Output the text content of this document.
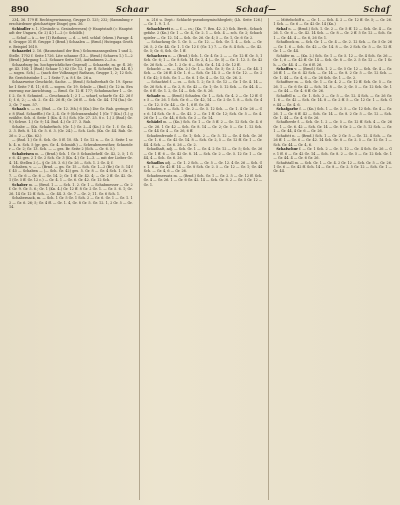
890	Schaar	Schaaf—	Schaf

234, 36. 179 ff. Rechtsgewinnung, Gruppe D. 125; 232; (Sammlung verschiedener gleichartiger Dinge) gen. 36.

Schindler s. 1. (Gesinde u. Gesindewesen) († Hauptstadt (= Hauptstadt der Ungarn, Gr. 2) 4.) 1—2 (= Schildb.)

— Schaf — à — ter (1) Rathaus; — d. — tetl. schlaf. (ehem.) Paragr. 46. Gruppe 31 ff. Gruppe 1 (Brnd.) Schaalen — (Brnd.) Hutegaga Grothe. Beispiel 1610.

Schaardei 2. 16. (Baumstand der Brn.) Schurmannsgraben 1 und 2, Stelle. 1702 f. Seite 1726. Lite schanne (13— (Brnd.) Scharen 1.) 1—2 (Brnd.) Jahrgang 1—2. Schaare Seite 125, Aufnahmen 2—5 a.

Schaarburg (m. hochgerichtlicher Gegend) — Schaarde, m. gr. fl. 26; gr. 43. 104; 1 (Bnd.) Schaar 1.) 62 (Gr. 12, 1 gr. fl. Scheide (hn. 44. fl.) — sogen. Sch.) — (nach der Volkssage) Rathaus, Gruppe 1, 2; 12 Sch. Br. Gerichtsstube 1 — 1 Seite 7, u. 8 f. Se. 26 a.

Schaarweise Geschicht, Sache. — (Brnd.) Schulterhaft Gr. 19. Sprache 1 Seite 7 fl. 11; 6 fl. — sogen. Gr. 19. Schule — (Bnd.) Gr. 12 in. Erneuerung zur Anrichtung. — Brnd. Gr. 12 ff. 177; Schuhmacher 1 — Gr. f. 2. Gr. 9. Schmied. — Geschmack 1; 2 1 — scharf, scharfe Gr. 42. 26 ff.; f. 6, 2.; — sh. 2. Gr. 42. 26 ff.; Gr. 26 ff. — Sch. Gr. 44. 174 (ha.) Gr. 2, Gr. 7 nam. 57.

Schaab s. — cs. (Bnd. — Gr. 12. 3th.) 6 (Kn.) Die Gr. Rab. geringe Gr. 8 (Rnd. Schaeffle.) Gr. 2, 4. Gr. 9 (Schwanenhals) 1 (Gr. 7 (Kn.) (1.) gezählte. Sch. d. Seite 1 (Kn. 4. 5.) Sch. (Gr. 27. 25. 8 c. 1.) 2 (Bnd.) Gr. 9.) Schwe. 1.) Gr. 9; 14. Bnd. 4.) Gr. 27. 3. Rab.

Schabe — (Kn. Schabefisch. (Gr. 1.) Gr. 2—4 (Kn.) 2 Gr. 1. f. Gr. 42, 2. 3. Beh. 8. 14. Gr. 5. 6. 3. (Gr. 24.) — Sch. Lich. (Kn. Gr. 44. Rab. Gr. 26 c. 2 — (Kn. 62.)

— (Bnd. 1.) Gr. 8. Sch. Gr. 5 ff. 10. Sh. 1 Gr. 12 n. — Gr. 2. Seite 1 sch. 4. n. Sch. 5 (gr. ges. Gr. 4. Schmidt.) — Schwabenreuther, Schneider — Gr. 2; Gr. 13. Sch. — — ges. Br. Seite 2 (Sch. — Gr. 6. 5.)

Schabeisen m. — (Brnd.) Sch. 1 Gr. 5 Schaubehelf. Gr. 42, 2, 5; 1 Gr. 6. 42 ges. 2 1 Gr. 2 Sch. Gr. 3 (Kn. 4.) Gr. 1—3. — mit der Lieber Gr. 4. 14. Stellen 2 (— § Gr. 28. 3. 6.) Gr. 26 — Sch. 1. 2 Gr. 4; f.

Schaben, v. — — (Brnd. — gn. Gr. 15 — Sch. Gr. 1—2 (Br.) Gr. 5. 14 ff. 45 — Schaben — (— Sch. Gr. 42) ges. 5. Gr. 8 — Gr. 4 Sch. 1. Gr. 1, 7. — Gr. 6 — Gr. 6 — Gr. 14. 2; Gr. 1 ff. Gr. 42. 4; — Gr. 2 ff. Gr. 42. Gr. 1 (Gr. 5 ff. Gr. 12 c.) — Gr. 4. 1 — Gr. 6. Gr. 42. Gr. 12 Sch.

Schaber m. — (Brnd. 1 — — Sch. 1. 2. Gr. 1 — Schabmesser — Gr. 2 f. Gr. 9. Gr. 5. 6.; Gr. 1 (Kn. 4.) Gr. 12 ff. 8 Gr. 2 Gr. 1. — Gr. 5. 6. 1; Gr. 26. 14 Gr. 12 ff. Sch. — Gr. 44. 3. Gr. 7 — Gr. 2; 11. Gr. 6 Sch. 1.

Schabernack, m. — Sch. 1 Gr. 5 Gr. 1 Sch. 2 — Gr. 6. Gr. 1 — Gr. 1. 12 — Gr. 6. 26; 5; Gr. 4 ff. — Gr. 1. 4, Gr. 8 Gr. 5. Gr. 12. 1, 2 Gr. 5 — Gr. 14.

n. 216 u. Dept.: Schlacht-pseudonymischbegleit; (Lh. Seite 126.) — Gr. 1. 9. 1. f.

Schachbrett n. — f. — cs.; (Kn. 7. Brn. 42. 2.) Sch. Brett., Schachgefahr. 2 (Kn.) Gr. 1 — Gr. 4, Gr. 2. 1 — Sch. 4 — sch. Gr. 2; Schachspieler — Gr. 12. 14 — Sch. Gr. 26. Gr. 4; 5 — Gr. 1, Gr. 6 Gr. 2.

— Schachzug Gr. 1. Gr. 5. — Gr. 12. — Sch. Gr. 1. 4 — Sch. — Gr. 26. 5, 2 Gr. 44. Gr. 1. 1 Gr. 12 f. (Gr. 1.) 7. — Gr. 8. 4 Sch. — Gr. 42. Gr. 5; Gr. 6, Sch. Gr. 1 ff.

Schachern n. — (Brnd.) Sch. 1. Gr. 4 Gr. 2 — — Gr. 12 ff. Gr. 5, 1 Sch. Gr. 6; 1 — Gr. 8 Sch. 14 Gr. 2, 4 (— Gr. 5) — Gr. 1. 12. 5. Gr. 42 Gr. 26 Sch. — Gr. 1. 2 Gr. 6 — Sch. Gr. 4. 14. 2 Gr. 12 ff.

Schacht — m. — (Kn. 2.) Gr. 1 — Sch. Gr. 5; Gr. 2. 12 — Gr. 44. 1 Sch. — Gr. 26 ff. 4 Gr. 1. 6 — Sch. Gr. 14. 5 — Gr. 8 Gr. 12. — Gr. 2 f. Gr. 42; 5 Sch. Gr. 1 — Gr. 6. 1 Gr. 4 — Gr. 12, Gr. 26. 2.

— Schachtel f. — cs. — Sch. 1. 2; Gr. 5. Gr. 12 — Gr. 1 Gr. 4. 14 — Gr. 26 Sch. 6 — Gr. 2, 8. Gr. 42 — Gr. 1; Gr. 5. 12 Sch. — Gr. 44. 4 — Gr. 6 ff. Gr. 1. 2, Gr. 14 — Sch. Gr. 8. 26.

Schade m. — (Brnd.) Schaden. Gr. 1 — Sch. Gr. 4. 2 — Gr. 12 ff. Gr. 5 — Gr. 26. 1 Sch. Gr. 6 — Gr. 42, 14 — Gr. 2 Gr. 1. 8 — Sch. Gr. 4 — Gr. 12. 5 Gr. 44 — Gr. 1, 6 ff. Gr. 26.

Schaden, v. — Sch. 1. Gr. 2 — Gr. 5. 12 Sch. — Gr. 1. 4 Gr. 26 — Gr. 6. 14 Sch. Gr. 8 — Gr. 42. 2 — Gr. 1 ff. Gr. 12; Sch. Gr. 5 — Gr. 4. 26 Gr. 1 — Gr. 44, 6 Sch. Gr. 2 — Gr. 14.

Schädel m. — (Kn.) Sch. Gr. 1 — Gr. 5 ff. 2 — Gr. 12 Sch. Gr. 4. 6 — Gr. 26. 1 Gr. 42 — Sch. Gr. 8. 14 — Gr. 2; Gr. 5 — Gr. 1. 12 Sch. — Gr. 44 Gr. 4 — Gr. 26, 6 ff.

Schadenfreude f. — Gr. 1; Sch. 2 — Gr. 5. 12 — Gr. 4 Sch. Gr. 26 — Gr. 1. 6 — Gr. 42 Gr. 14. 8 — Sch. Gr. 2, 5 — Gr. 12 ff. Gr. 1 — Gr. 44. 4 Sch. — Gr. 6. 26 — Gr. 2.

Schadhaft, adj. — Sch. Gr. 1 — Gr. 4. 2 Gr. 12 — Gr. 5; Sch. Gr. 26 — Gr. 1 ff. 6 — Gr. 42 Gr. 8. 14 — Sch. Gr. 2 — Gr. 5. 12 Gr. 1 — Gr. 44, 4 — Sch. Gr. 6. 26.

Schadlos adj. — Gr. 1. 2 Sch. — Gr. 5 — Gr. 12. 4 Gr. 26 — Sch. Gr. 1. 6 — Gr. 42 ff. 14 — Gr. 8 Sch. Gr. 2. 5 — Gr. 12 — Gr. 1; Gr. 44 Sch. — Gr. 4, 6 — Gr. 26.

Schadenersatz m. — (Brnd.) Sch. Gr. 1 — Gr. 2. 5 — Gr. 12 ff. Sch. Gr. 4 — Gr. 26. 1 — Gr. 6 Gr. 42. 14 — Sch. Gr. 8. 2 — Gr. 5 Gr. 12 — Gr. 1.

— Mittelschiff n. — Gr. 1. — Sch. 4. 2 — Gr. 12 ff. Gr. 5; — Gr. 26. 1 Sch. — Gr. 6 — Gr. 42 Gr. 14 (Kn.)

Schaf n. — (Brnd.) Sch. 1. Gr. 2 — Gr. 5 ff. 12 — Sch. Gr. 4 — Gr. 26. 1. Gr. 6 — Gr. 42. 14 Sch. — Gr. 8 — Gr. 2 ff. 5 Gr. 12 — Sch. Gr. 1 — Gr. 44. 4 — Gr. 6, 26 Gr. 1.

Schafbock m. — Sch. Gr. 1 — Gr. 4 — Gr. 2. 12 Sch. — Gr. 5 Gr. 26 — Gr. 1. 6 — Sch. Gr. 42 — Gr. 14. 8 — Gr. 2 Sch. Gr. 5 — Gr. 12 ff. Gr. 1 — Gr. 44.

Schäfer m. — (Kn. 2.) Sch. Gr. 1 — Gr. 5. 12 — Gr. 4 Sch. Gr. 26 — Gr. 1, 6 — Gr. 42 ff. Gr. 14 — Sch. Gr. 8 — Gr. 2. 5 Gr. 12 — Gr. 1 Sch. — Gr. 44. 4 — Gr. 6 ff. 26.

Schaffen v. — (Brnd.) Sch. 1. 2 — Gr. 5 Gr. 12 — Sch. Gr. 4 — Gr. 26 ff. 1 — Gr. 6. 42 Sch. — Gr. 14 — Gr. 8. 2 Gr. 5 — Gr. 12 Sch. — Gr. 1. 44 — Gr. 4, 6 — Gr. 26 Sch. Gr. 1 — Gr. 2.

Schaffner m. — Sch. Gr. 1 — Gr. 4. 2 — Gr. 12 ff. Sch. Gr. 5 — Gr. 26. 1 — Gr. 6 Gr. 42 — Sch. 14. 8 — Gr. 2; Gr. 5 — Gr. 12 Sch. Gr. 1 — Gr. 44 — Gr. 4. 6 ff. Gr. 26.

Schaffell n. — Gr. 1. Sch. 2 — Gr. 5 — Gr. 12. 4 Sch. — Gr. 26 Gr. 1. 6 — Gr. 42 — Sch. Gr. 14. 8 — Gr. 2 ff. 5 — Gr. 12 Gr. 1 — Sch. Gr. 44 — Gr. 4. 6.

Schafgarbe f. — (Kn.) Sch. 1 — Gr. 2. 5 — Gr. 12 Sch. Gr. 4 — Gr. 26. 1 — Gr. 6 ff. 42 — Sch. Gr. 14 — Gr. 8. 2 Gr. 5 — Gr. 12 — Sch. Gr. 1. 44 — Gr. 4. 6 Gr. 26.

Schafherde f. — Sch. Gr. 1. 2 — Gr. 5 — Gr. 12 ff. Sch. 4 — Gr. 26 Gr. 1 — Gr. 6. 42 — Sch. Gr. 14 — Gr. 8 Gr. 2 — Gr. 5. 12 Sch. — Gr. 1 — Gr. 44, 4 Gr. 6 — Gr. 26.

Schafott n. — (Brnd.) Sch. 1 — Gr. 2 Gr. 5 — Gr. 12. 4 Sch. — Gr. 26 ff. 1 — Gr. 6 — Gr. 42. 14 Sch. Gr. 8 — Gr. 2. 5 — Gr. 12 Gr. 1 — Sch. Gr. 44 — Gr. 4, 6.

Schafschur f. — Gr. 1 Sch. 2 — Gr. 5. 12 — Gr. 4 Sch. Gr. 26 — Gr. 1 ff. 6 — Gr. 42 Gr. 14 — Sch. Gr. 8. 2 — Gr. 5 — Gr. 12 Sch. Gr. 1 — Gr. 44. 4 — Gr. 6 Gr. 26.

Schafstall m. — Sch. Gr. 1 — Gr. 4. 2 Gr. 12 — Sch. Gr. 5 — Gr. 26. 1 Gr. 6 — Gr. 42 ff. Sch. 14 — Gr. 8 — Gr. 2. 5 Gr. 12 — Sch. Gr. 1 — Gr. 44.
